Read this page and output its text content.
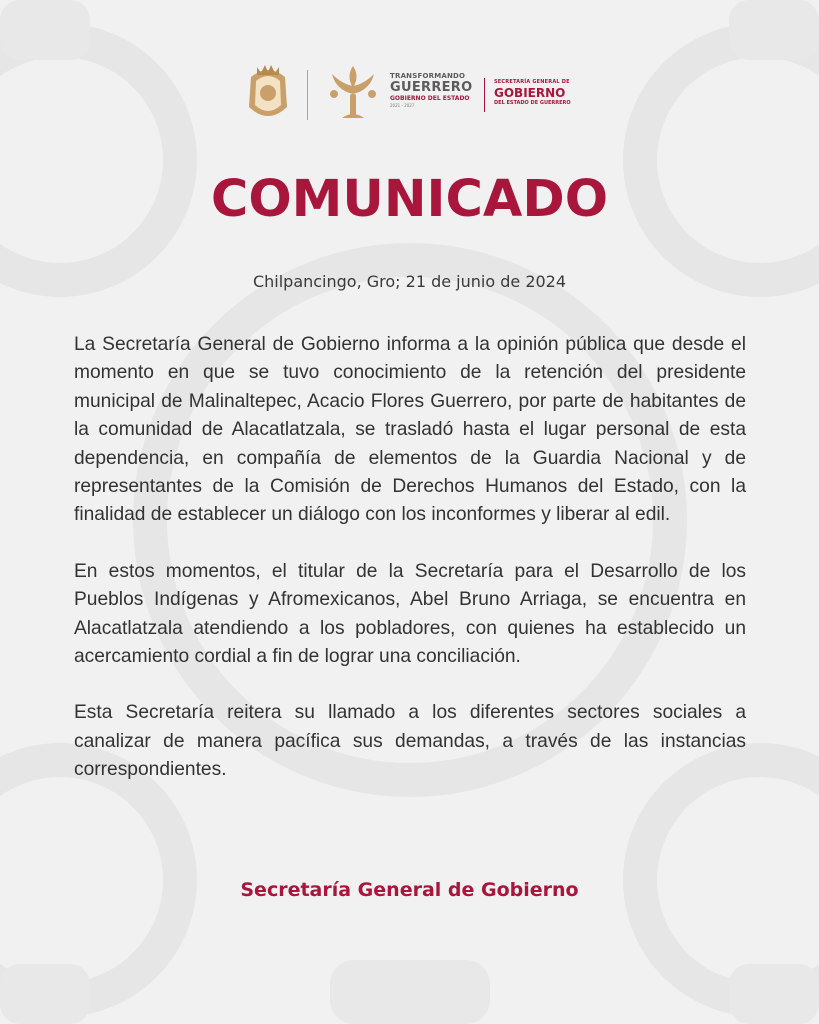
TRANSFORMANDO
GUERRERO
GOBIERNO DEL ESTADO
2021 - 2027
SECRETARÍA GENERAL DE
GOBIERNO
DEL ESTADO DE GUERRERO
COMUNICADO
Chilpancingo, Gro; 21 de junio de 2024

La Secretaría General de Gobierno informa a la opinión pública que desde el momento en que se tuvo conocimiento de la retención del presidente municipal de Malinaltepec, Acacio Flores Guerrero, por parte de habitantes de la comunidad de Alacatlatzala, se trasladó hasta el lugar personal de esta dependencia, en compañía de elementos de la Guardia Nacional y de representantes de la Comisión de Derechos Humanos del Estado, con la finalidad de establecer un diálogo con los inconformes y liberar al edil.

En estos momentos, el titular de la Secretaría para el Desarrollo de los Pueblos Indígenas y Afromexicanos, Abel Bruno Arriaga, se encuentra en Alacatlatzala atendiendo a los pobladores, con quienes ha establecido un acercamiento cordial a fin de lograr una conciliación.

Esta Secretaría reitera su llamado a los diferentes sectores sociales a canalizar de manera pacífica sus demandas, a través de las instancias correspondientes.

Secretaría General de Gobierno
